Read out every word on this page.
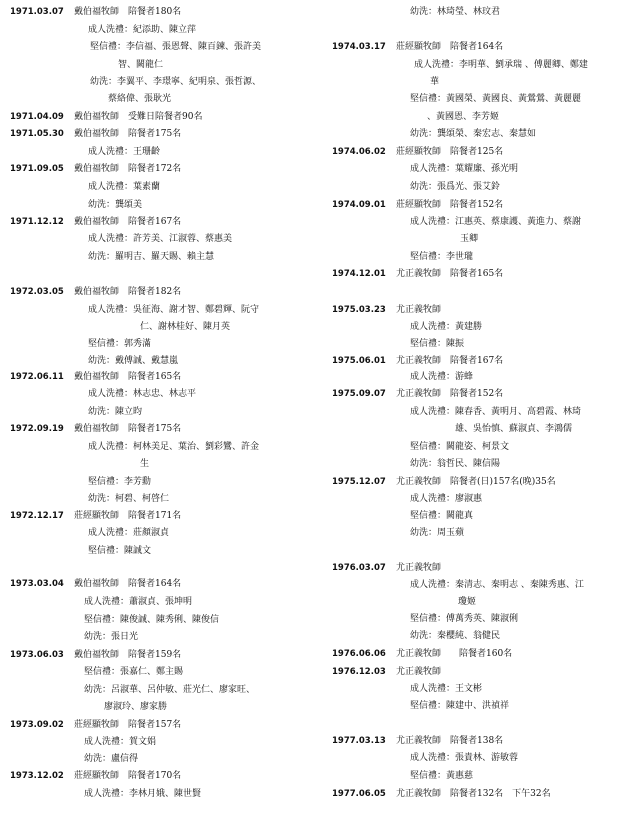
1971.03.07 戴伯福牧師　陪餐者180名
成人洗禮：紀添助、陳立萍
堅信禮：李信福、張恩聲、陳百鍊、張許美
智、闕龍仁
幼洗：李翼平、李璟寧、紀明泉、張哲源、
蔡絡偉、張耿光
1971.04.09 戴伯福牧師　受難日陪餐者90名
1971.05.30 戴伯福牧師　陪餐者175名
成人洗禮：王珊齡
1971.09.05 戴伯福牧師　陪餐者172名
成人洗禮：葉素蘭
幼洗：龔頌美
1971.12.12 戴伯福牧師　陪餐者167名
成人洗禮：許芳美、江淑蓉、蔡惠美
幼洗：羅明吉、羅天賜、賴主慧
1972.03.05 戴伯福牧師　陪餐者182名
成人洗禮：吳征海、謝才智、鄭碧輝、阮守
仁、謝林桂好、陳月英
堅信禮：郭秀滿
幼洗：戴傅誠、戴慧嵐
1972.06.11 戴伯福牧師　陪餐者165名
成人洗禮：林志忠、林志平
幼洗：陳立昀
1972.09.19 戴伯福牧師　陪餐者175名
成人洗禮：柯林美足、葉治、劉彩鸞、許金
生
堅信禮：李芳勳
幼洗：柯碧、柯啓仁
1972.12.17 莊經顯牧師　陪餐者171名
成人洗禮：莊顏淑貞
堅信禮：陳誠文
1973.03.04 戴伯福牧師　陪餐者164名
成人洗禮：蕭淑貞、張坤明
堅信禮：陳俊誠、陳秀俐、陳俊信
幼洗：張日光
1973.06.03 戴伯福牧師　陪餐者159名
堅信禮：張嘉仁、鄭主賜
幼洗：呂淑華、呂仲敏、莊光仁、廖家旺、
廖淑玲、廖家勝
1973.09.02 莊經顯牧師　陪餐者157名
成人洗禮：賀文娟
幼洗：盧信得
1973.12.02 莊經顯牧師　陪餐者170名
成人洗禮：李林月娥、陳世賢
幼洗：林琦瑩、林玟君
1974.03.17 莊經顯牧師　陪餐者164名
成人洗禮：李明華、劉承瑞 、傅麗卿、鄭建
華
堅信禮：黃國榮、黃國良、黃鶯鶯、黃麗麗
、黃國恩、李芳姬
幼洗：龔頌榮、秦宏志、秦慧如
1974.06.02 莊經顯牧師　陪餐者125名
成人洗禮：葉耀廉、孫光明
幼洗：張爲光、張艾鈴
1974.09.01 莊經顯牧師　陪餐者152名
成人洗禮：江惠英、蔡康護、黃進力、蔡謝
玉卿
堅信禮：李世瓏
1974.12.01 尤正義牧師　陪餐者165名
1975.03.23 尤正義牧師
成人洗禮：黃建勝
堅信禮：陳振
1975.06.01 尤正義牧師　陪餐者167名
成人洗禮：游蜂
1975.09.07 尤正義牧師　陪餐者152名
成人洗禮：陳春香、黃明月、高碧霞、林琦
雄、吳怡慎、蘇淑貞、李鴻儒
堅信禮：闕龍姿、柯景文
幼洗：翁哲民、陳信陽
1975.12.07 尤正義牧師　陪餐者(日)157名(晚)35名
成人洗禮：廖淑惠
堅信禮：闕龍真
幼洗：周玉蘋
1976.03.07 尤正義牧師
成人洗禮：秦清志、秦明志 、秦陳秀惠、江
瓊姬
堅信禮：傅萬秀英、陳淑俐
幼洗：秦櫻純、翁健民
1976.06.06 尤正義牧師　　陪餐者160名
1976.12.03 尤正義牧師
成人洗禮：王文彬
堅信禮：陳建中、洪禎祥
1977.03.13 尤正義牧師　陪餐者138名
成人洗禮：張貴林、游敏蓉
堅信禮：黃惠慈
1977.06.05 尤正義牧師　陪餐者132名　下午32名
